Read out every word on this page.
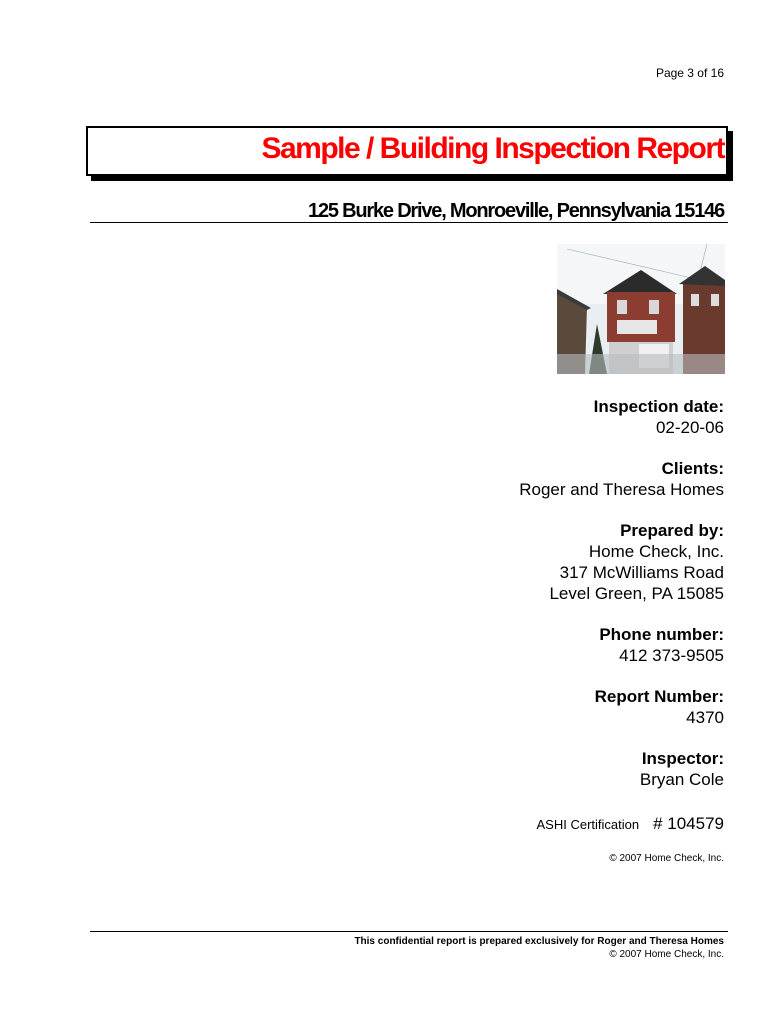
Page 3 of 16
Sample / Building Inspection Report
125 Burke Drive, Monroeville, Pennsylvania 15146
Inspection date:
02-20-06
Clients:
Roger and Theresa Homes
Prepared by:
Home Check, Inc.
317 McWilliams Road
Level Green, PA 15085
Phone number:
412 373-9505
Report Number:
4370
Inspector:
Bryan Cole
ASHI Certification # 104579
© 2007 Home Check, Inc.
This confidential report is prepared exclusively for Roger and Theresa Homes
© 2007 Home Check, Inc.
